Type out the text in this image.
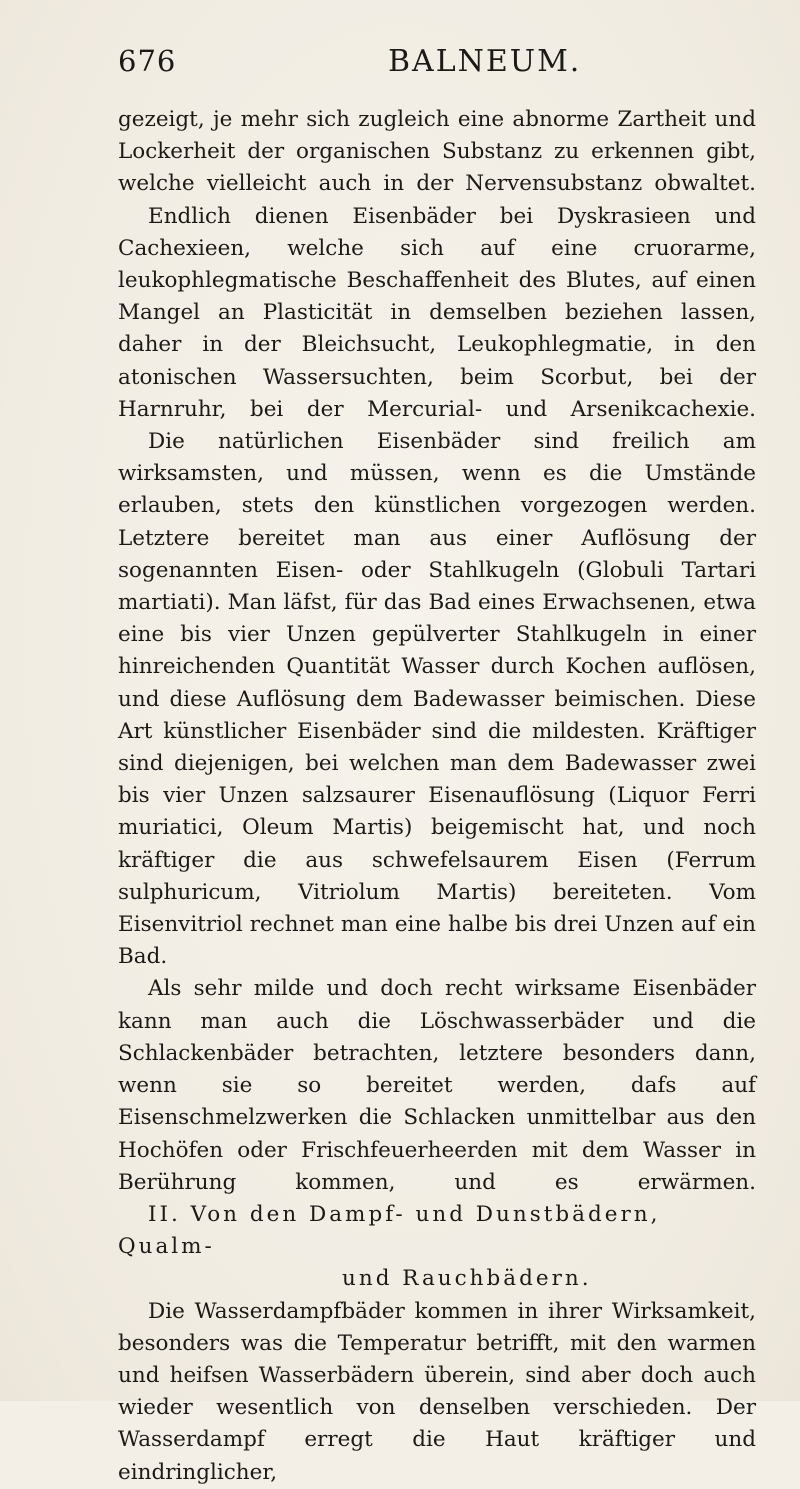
676	BALNEUM.

gezeigt, je mehr sich zugleich eine abnorme Zartheit und Lockerheit der organischen Substanz zu erkennen gibt, welche vielleicht auch in der Nervensubstanz obwaltet.

Endlich dienen Eisenbäder bei Dyskrasieen und Cachexieen, welche sich auf eine cruorarme, leukophlegmatische Beschaffenheit des Blutes, auf einen Mangel an Plasticität in demselben beziehen lassen, daher in der Bleichsucht, Leukophlegmatie, in den atonischen Wassersuchten, beim Scorbut, bei der Harnruhr, bei der Mercurial- und Arsenikcachexie.

Die natürlichen Eisenbäder sind freilich am wirksamsten, und müssen, wenn es die Umstände erlauben, stets den künstlichen vorgezogen werden. Letztere bereitet man aus einer Auflösung der sogenannten Eisen- oder Stahlkugeln (Globuli Tartari martiati). Man läfst, für das Bad eines Erwachsenen, etwa eine bis vier Unzen gepülverter Stahlkugeln in einer hinreichenden Quantität Wasser durch Kochen auflösen, und diese Auflösung dem Badewasser beimischen. Diese Art künstlicher Eisenbäder sind die mildesten. Kräftiger sind diejenigen, bei welchen man dem Badewasser zwei bis vier Unzen salzsaurer Eisenauflösung (Liquor Ferri muriatici, Oleum Martis) beigemischt hat, und noch kräftiger die aus schwefelsaurem Eisen (Ferrum sulphuricum, Vitriolum Martis) bereiteten. Vom Eisenvitriol rechnet man eine halbe bis drei Unzen auf ein Bad.

Als sehr milde und doch recht wirksame Eisenbäder kann man auch die Löschwasserbäder und die Schlackenbäder betrachten, letztere besonders dann, wenn sie so bereitet werden, dafs auf Eisenschmelzwerken die Schlacken unmittelbar aus den Hochöfen oder Frischfeuerheerden mit dem Wasser in Berührung kommen, und es erwärmen.

II. Von den Dampf- und Dunstbädern, Qualm-
und Rauchbädern.

Die Wasserdampfbäder kommen in ihrer Wirksamkeit, besonders was die Temperatur betrifft, mit den warmen und heifsen Wasserbädern überein, sind aber doch auch wieder wesentlich von denselben verschieden. Der Wasserdampf erregt die Haut kräftiger und eindringlicher,
